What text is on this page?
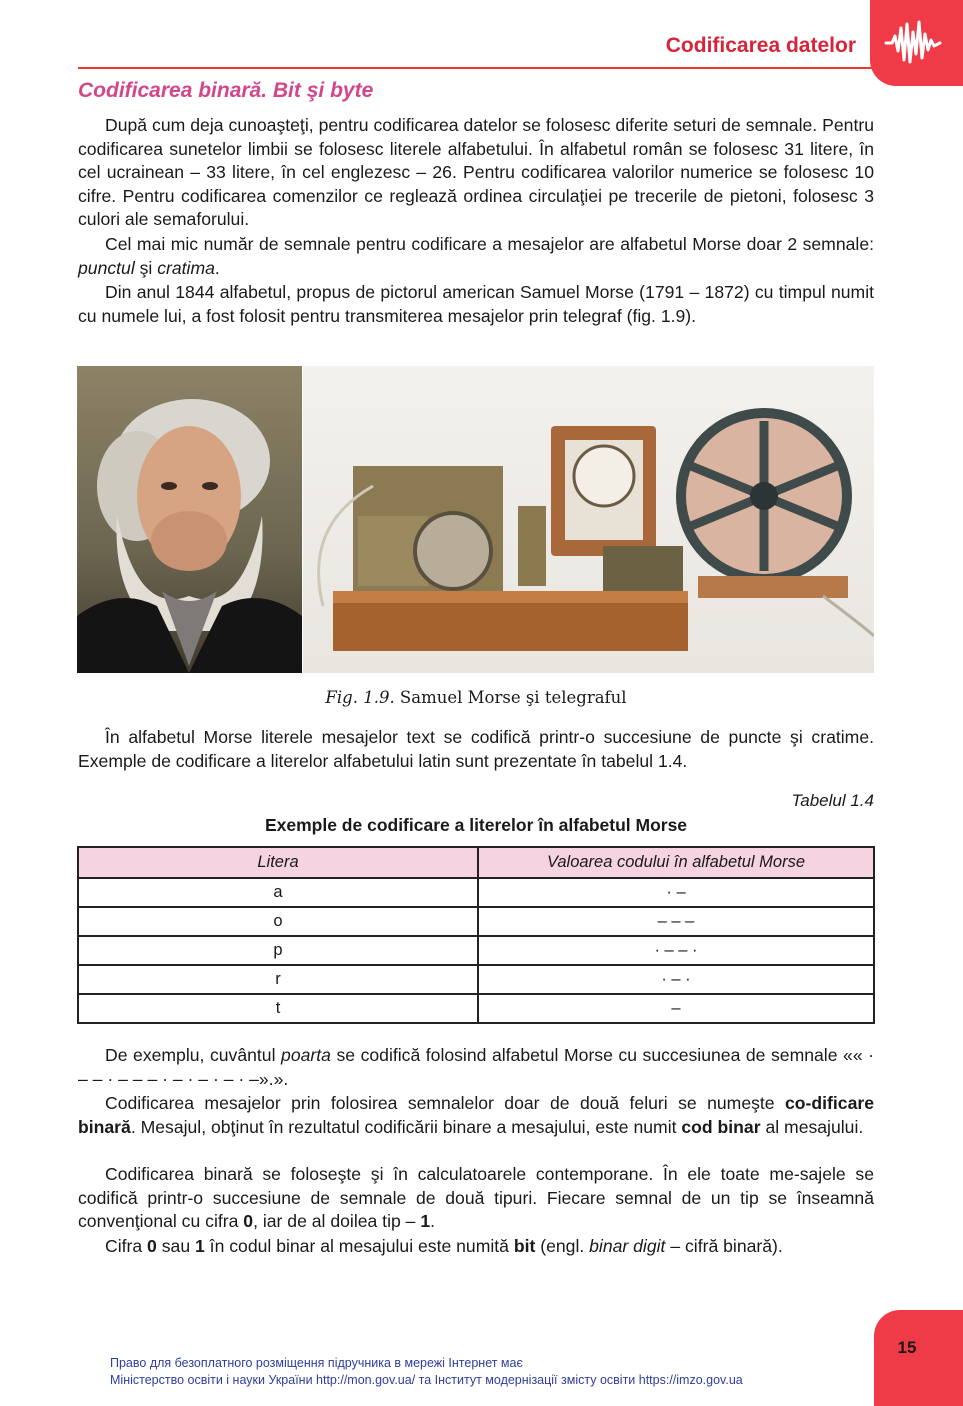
Codificarea datelor
Codificarea binară. Bit şi byte

După cum deja cunoaşteţi, pentru codificarea datelor se folosesc diferite seturi de semnale. Pentru codificarea sunetelor limbii se folosesc literele alfabetului. În alfabetul român se folosesc 31 litere, în cel ucrainean – 33 litere, în cel englezesc – 26. Pentru codificarea valorilor numerice se folosesc 10 cifre. Pentru codificarea comenzilor ce reglează ordinea circulaţiei pe trecerile de pietoni, folosesc 3 culori ale semaforului.

Cel mai mic număr de semnale pentru codificare a mesajelor are alfabetul Morse doar 2 semnale: punctul şi cratima.

Din anul 1844 alfabetul, propus de pictorul american Samuel Morse (1791 – 1872) cu timpul numit cu numele lui, a fost folosit pentru transmiterea mesajelor prin telegraf (fig. 1.9).

Fig. 1.9. Samuel Morse şi telegraful

În alfabetul Morse literele mesajelor text se codifică printr-o succesiune de puncte şi cratime. Exemple de codificare a literelor alfabetului latin sunt prezentate în tabelul 1.4.

Tabelul 1.4
Exemple de codificare a literelor în alfabetul Morse
Litera	Valoarea codului în alfabetul Morse
a	· –
o	– – –
p	· – – ·
r	· – ·
t	–

De exemplu, cuvântul poarta se codifică folosind alfabetul Morse cu succesiunea de semnale «« · – – · – – – · – · – · – · –».».

Codificarea mesajelor prin folosirea semnalelor doar de două feluri se numeşte co-dificare binară. Mesajul, obţinut în rezultatul codificării binare a mesajului, este numit cod binar al mesajului.

Codificarea binară se foloseşte şi în calculatoarele contemporane. În ele toate me-sajele se codifică printr-o succesiune de semnale de două tipuri. Fiecare semnal de un tip se înseamnă convenţional cu cifra 0, iar de al doilea tip – 1.

Cifra 0 sau 1 în codul binar al mesajului este numită bit (engl. binar digit – cifră binară).

15
Право для безоплатного розміщення підручника в мережі Інтернет має
Міністерство освіти і науки України http://mon.gov.ua/ та Інститут модернізації змісту освіти https://imzo.gov.ua
